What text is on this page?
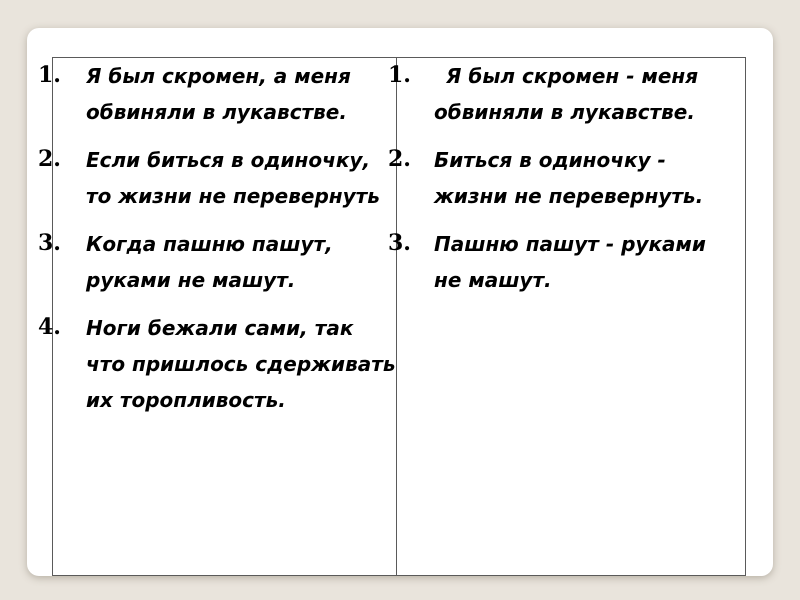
1. Я был скромен, а меня обвиняли в лукавстве.
2. Если биться в одиночку, то жизни не перевернуть
3. Когда пашню пашут, руками не машут.
4. Ноги бежали сами, так что пришлось сдерживать их торопливость.
1.	Я был скромен - меня обвиняли в лукавстве.
2. Биться в одиночку - жизни не перевернуть.
3. Пашню пашут - руками не машут.
